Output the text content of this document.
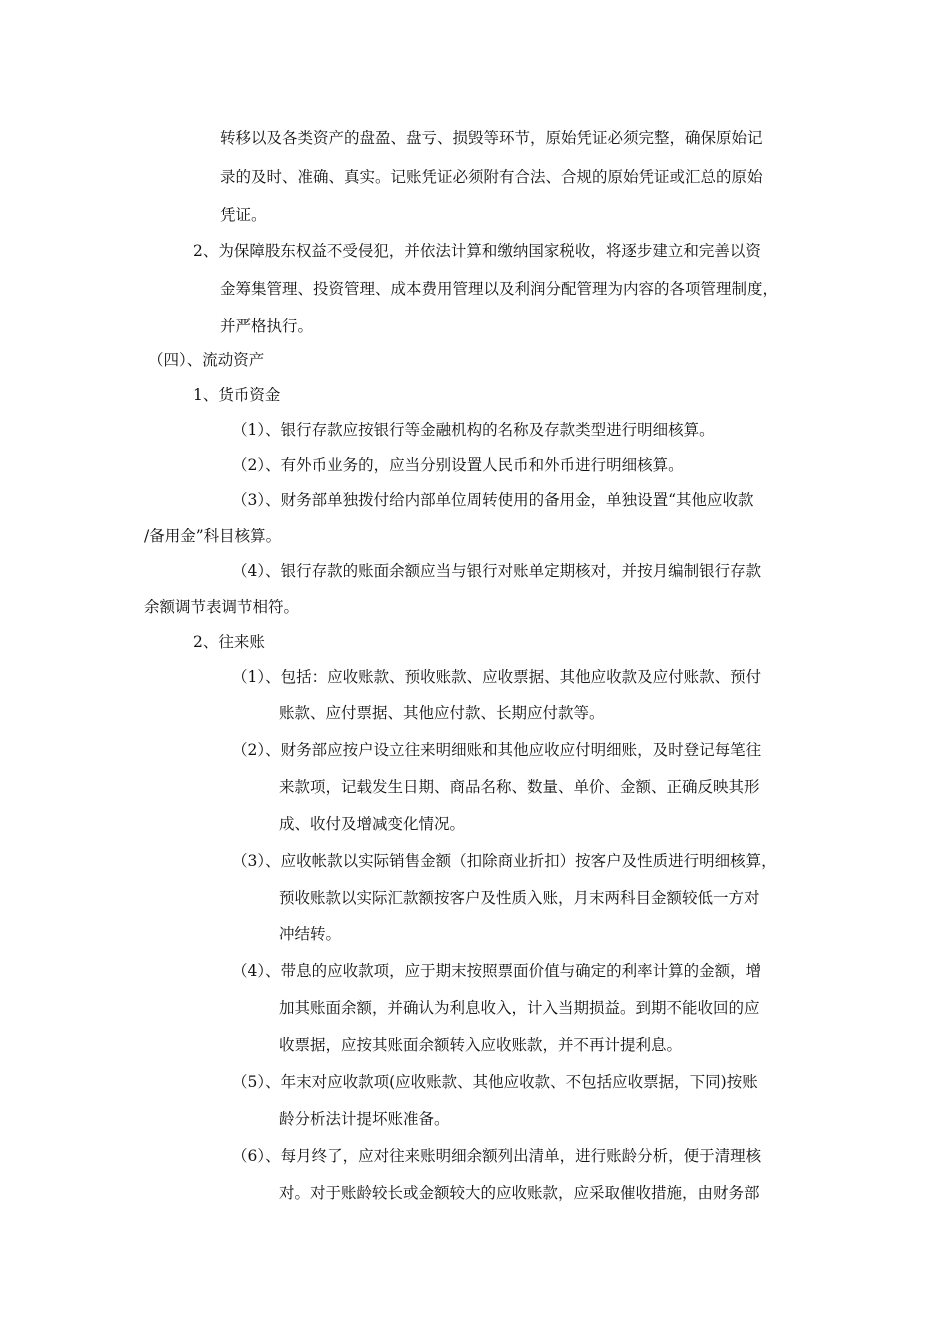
转移以及各类资产的盘盈、盘亏、损毁等环节，原始凭证必须完整，确保原始记
录的及时、准确、真实。记账凭证必须附有合法、合规的原始凭证或汇总的原始
凭证。
2、为保障股东权益不受侵犯，并依法计算和缴纳国家税收，将逐步建立和完善以资
金筹集管理、投资管理、成本费用管理以及利润分配管理为内容的各项管理制度，
并严格执行。
（四）、流动资产
1、货币资金
（1）、银行存款应按银行等金融机构的名称及存款类型进行明细核算。
（2）、有外币业务的，应当分别设置人民币和外币进行明细核算。
（3）、财务部单独拨付给内部单位周转使用的备用金，单独设置“其他应收款
/备用金”科目核算。
（4）、银行存款的账面余额应当与银行对账单定期核对，并按月编制银行存款
余额调节表调节相符。
2、往来账
（1）、包括：应收账款、预收账款、应收票据、其他应收款及应付账款、预付
账款、应付票据、其他应付款、长期应付款等。
（2）、财务部应按户设立往来明细账和其他应收应付明细账，及时登记每笔往
来款项，记载发生日期、商品名称、数量、单价、金额、正确反映其形
成、收付及增减变化情况。
（3）、应收帐款以实际销售金额（扣除商业折扣）按客户及性质进行明细核算，
预收账款以实际汇款额按客户及性质入账，月末两科目金额较低一方对
冲结转。
（4）、带息的应收款项，应于期末按照票面价值与确定的利率计算的金额，增
加其账面余额，并确认为利息收入，计入当期损益。到期不能收回的应
收票据，应按其账面余额转入应收账款，并不再计提利息。
（5）、年末对应收款项(应收账款、其他应收款、不包括应收票据，下同)按账
龄分析法计提坏账准备。
（6）、每月终了，应对往来账明细余额列出清单，进行账龄分析，便于清理核
对。对于账龄较长或金额较大的应收账款，应采取催收措施，由财务部
